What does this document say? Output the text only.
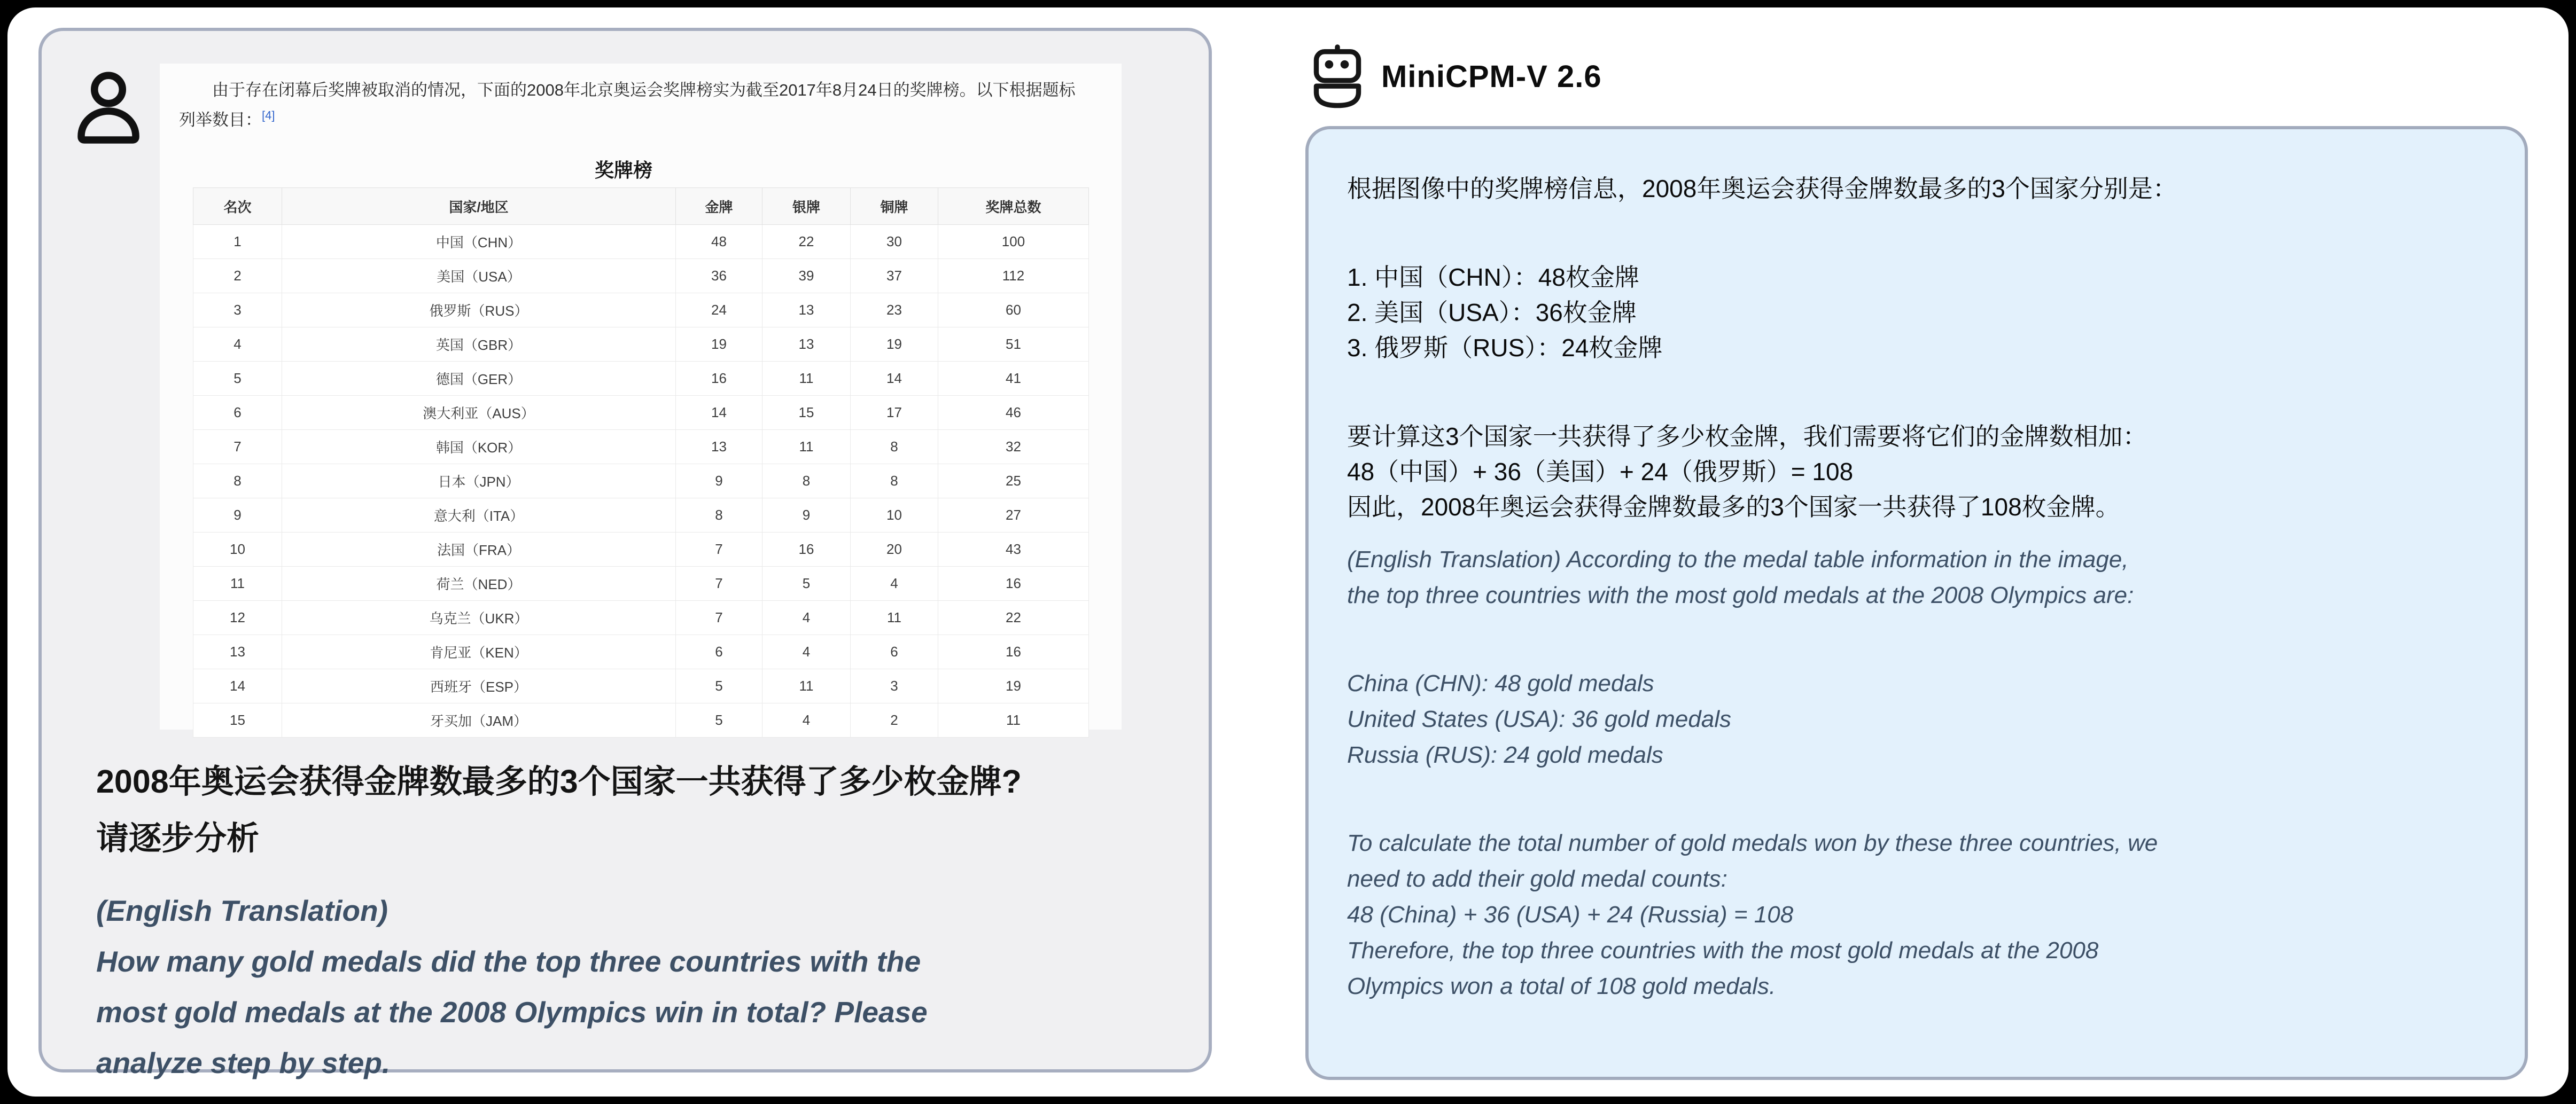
由于存在闭幕后奖牌被取消的情况，下面的2008年北京奥运会奖牌榜实为截至2017年8月24日的奖牌榜。以下根据题标列举数目：[4]
奖牌榜
名次	国家/地区	金牌	银牌	铜牌	奖牌总数
1	中国（CHN）	48	22	30	100
2	美国（USA）	36	39	37	112
3	俄罗斯（RUS）	24	13	23	60
4	英国（GBR）	19	13	19	51
5	德国（GER）	16	11	14	41
6	澳大利亚（AUS）	14	15	17	46
7	韩国（KOR）	13	11	8	32
8	日本（JPN）	9	8	8	25
9	意大利（ITA）	8	9	10	27
10	法国（FRA）	7	16	20	43
11	荷兰（NED）	7	5	4	16
12	乌克兰（UKR）	7	4	11	22
13	肯尼亚（KEN）	6	4	6	16
14	西班牙（ESP）	5	11	3	19
15	牙买加（JAM）	5	4	2	11
2008年奥运会获得金牌数最多的3个国家一共获得了多少枚金牌?
请逐步分析
(English Translation)
How many gold medals did the top three countries with the
most gold medals at the 2008 Olympics win in total? Please
analyze step by step.
MiniCPM-V 2.6
根据图像中的奖牌榜信息，2008年奥运会获得金牌数最多的3个国家分别是：
1. 中国（CHN）：48枚金牌
2. 美国（USA）：36枚金牌
3. 俄罗斯（RUS）：24枚金牌
要计算这3个国家一共获得了多少枚金牌，我们需要将它们的金牌数相加：
48（中国）+ 36（美国）+ 24（俄罗斯）= 108
因此，2008年奥运会获得金牌数最多的3个国家一共获得了108枚金牌。
(English Translation) According to the medal table information in the image,
the top three countries with the most gold medals at the 2008 Olympics are:
China (CHN): 48 gold medals
United States (USA): 36 gold medals
Russia (RUS): 24 gold medals
To calculate the total number of gold medals won by these three countries, we
need to add their gold medal counts:
48 (China) + 36 (USA) + 24 (Russia) = 108
Therefore, the top three countries with the most gold medals at the 2008
Olympics won a total of 108 gold medals.
